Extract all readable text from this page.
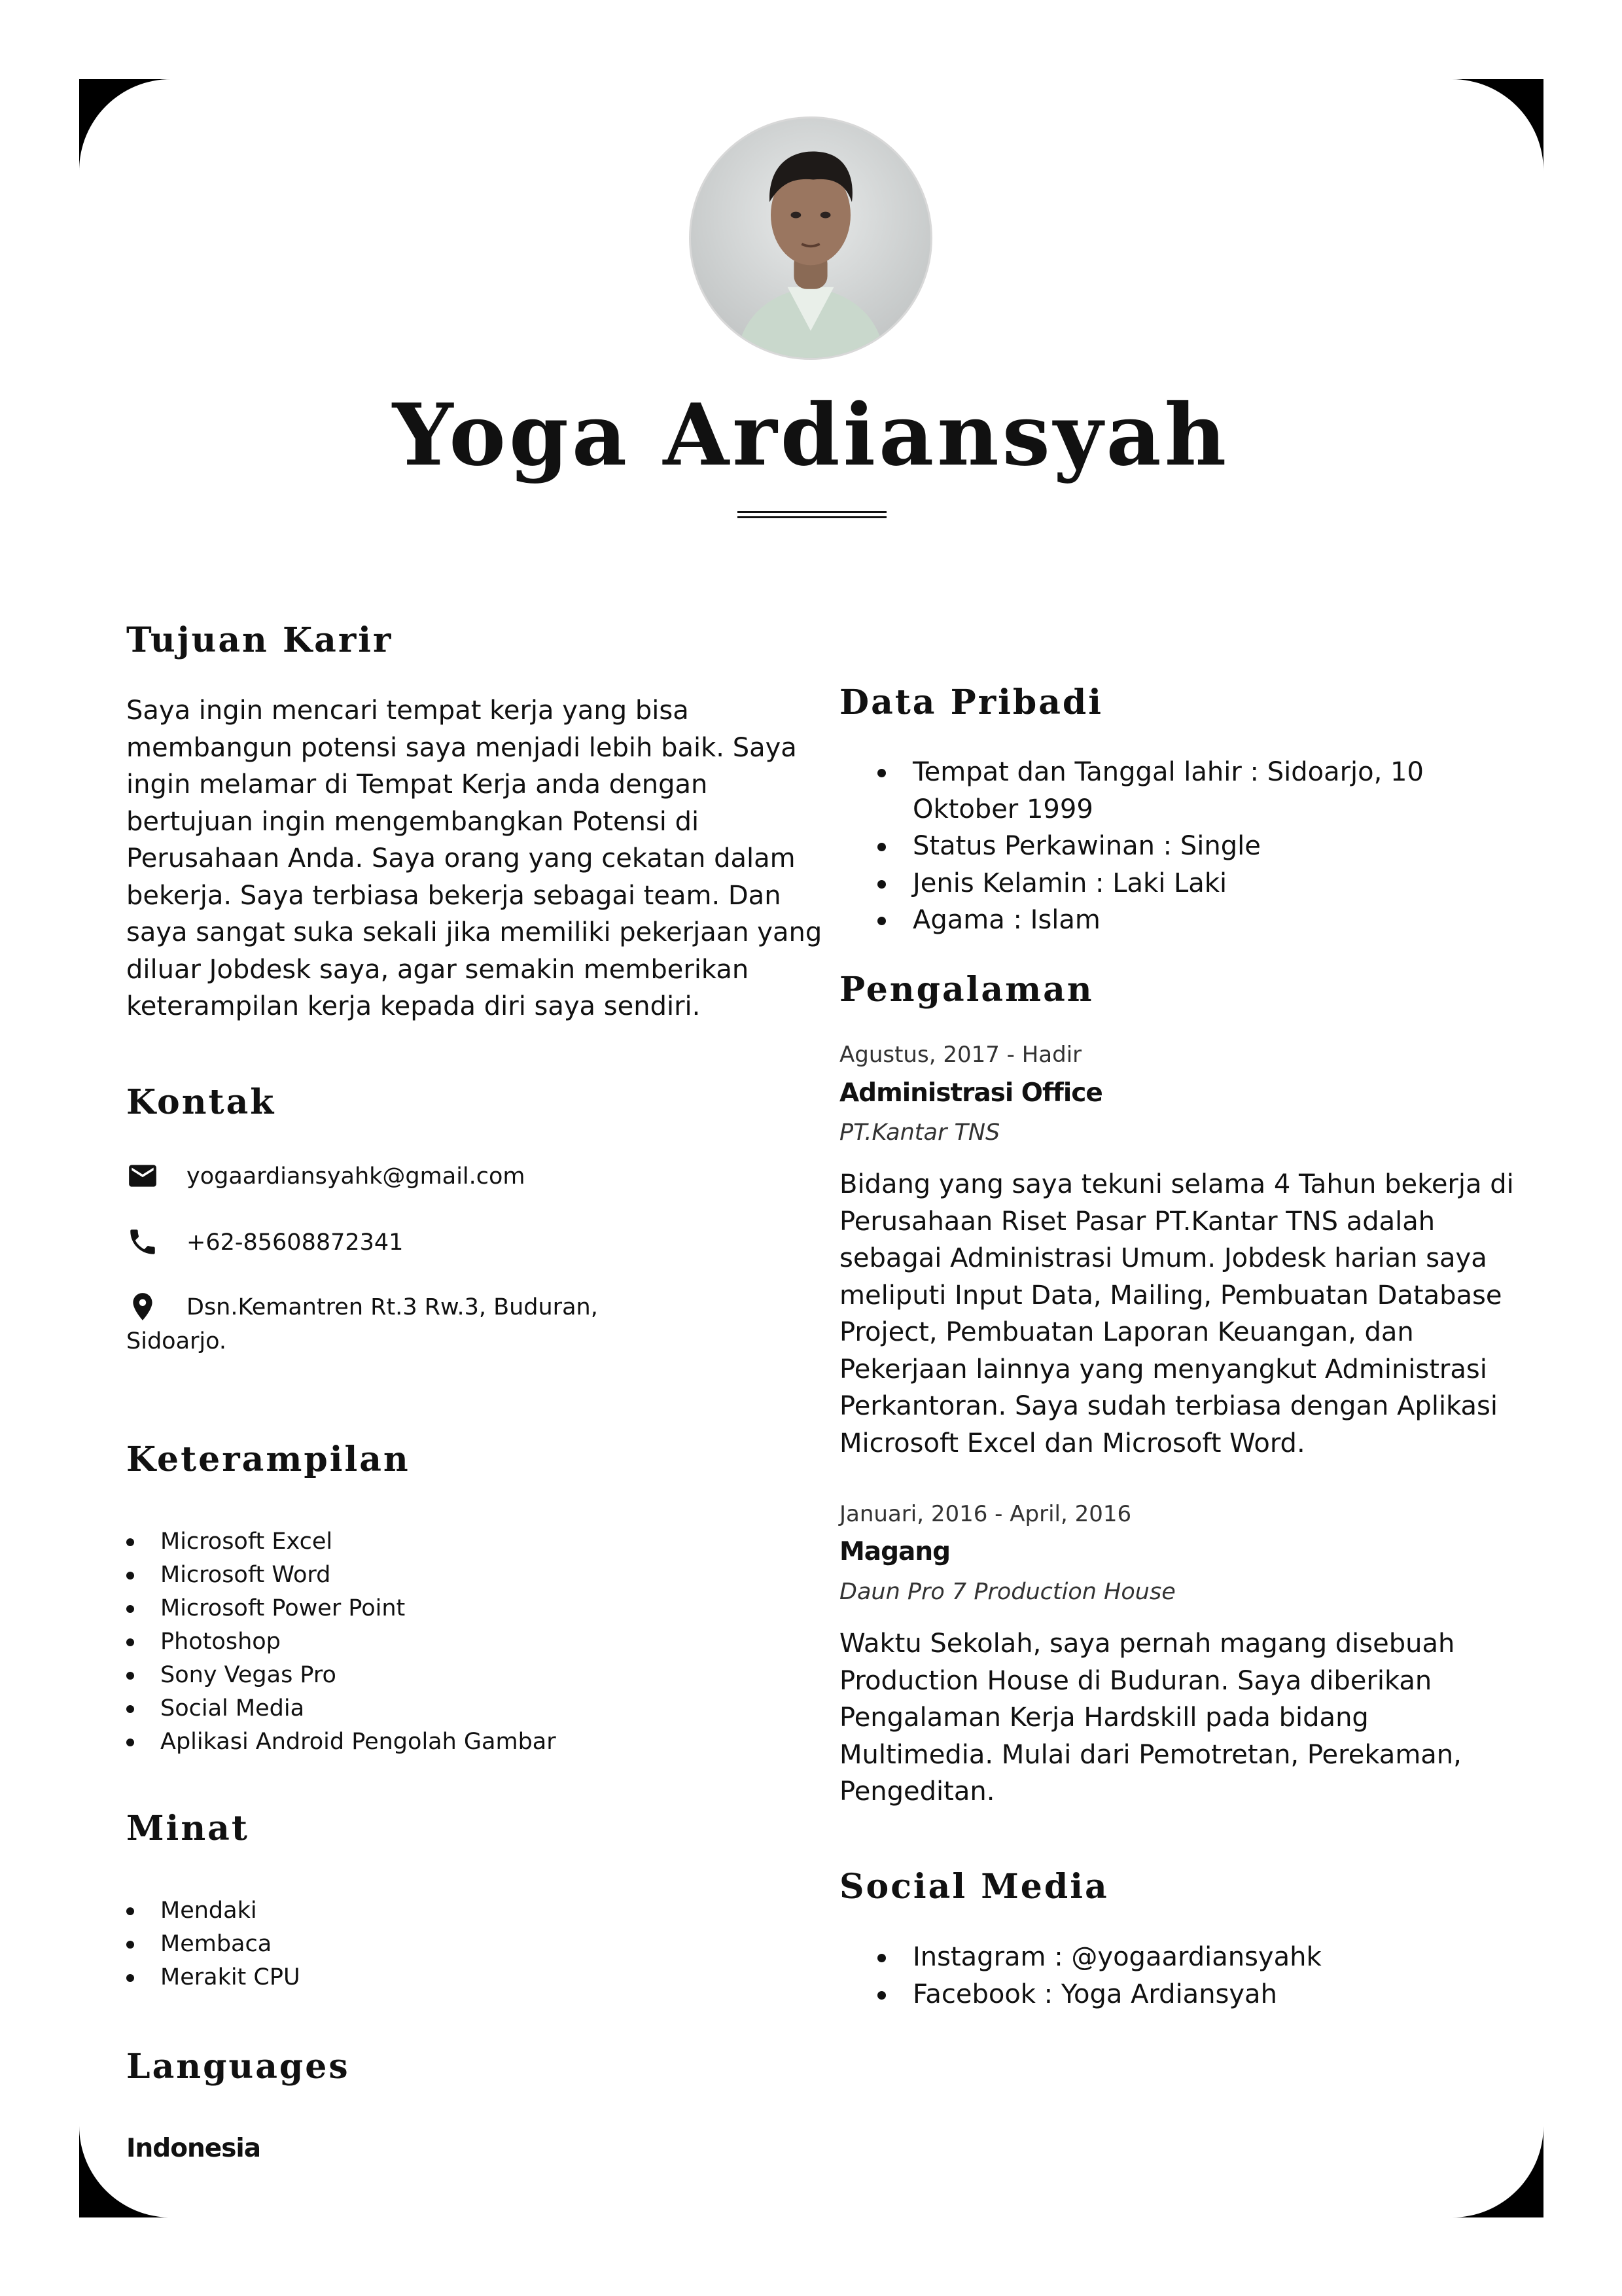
Yoga Ardiansyah
Tujuan Karir
Saya ingin mencari tempat kerja yang bisa
membangun potensi saya menjadi lebih baik. Saya
ingin melamar di Tempat Kerja anda dengan
bertujuan ingin mengembangkan Potensi di
Perusahaan Anda. Saya orang yang cekatan dalam
bekerja. Saya terbiasa bekerja sebagai team. Dan
saya sangat suka sekali jika memiliki pekerjaan yang
diluar Jobdesk saya, agar semakin memberikan
keterampilan kerja kepada diri saya sendiri.
Kontak
yogaardiansyahk@gmail.com
+62-85608872341

Dsn.Kemantren Rt.3 Rw.3, Buduran, Sidoarjo.

Keterampilan
Microsoft Excel
Microsoft Word
Microsoft Power Point
Photoshop
Sony Vegas Pro
Social Media
Aplikasi Android Pengolah Gambar
Minat
Mendaki
Membaca
Merakit CPU
Languages

Indonesia

Data Pribadi
Tempat dan Tanggal lahir : Sidoarjo, 10
Oktober 1999
Status Perkawinan : Single
Jenis Kelamin : Laki Laki
Agama : Islam
Pengalaman

Agustus, 2017 - Hadir

Administrasi Office

PT.Kantar TNS

Bidang yang saya tekuni selama 4 Tahun bekerja di
Perusahaan Riset Pasar PT.Kantar TNS adalah
sebagai Administrasi Umum. Jobdesk harian saya
meliputi Input Data, Mailing, Pembuatan Database
Project, Pembuatan Laporan Keuangan, dan
Pekerjaan lainnya yang menyangkut Administrasi
Perkantoran. Saya sudah terbiasa dengan Aplikasi
Microsoft Excel dan Microsoft Word.

Januari, 2016 - April, 2016

Magang

Daun Pro 7 Production House

Waktu Sekolah, saya pernah magang disebuah
Production House di Buduran. Saya diberikan
Pengalaman Kerja Hardskill pada bidang
Multimedia. Mulai dari Pemotretan, Perekaman,
Pengeditan.
Social Media
Instagram : @yogaardiansyahk
Facebook : Yoga Ardiansyah
